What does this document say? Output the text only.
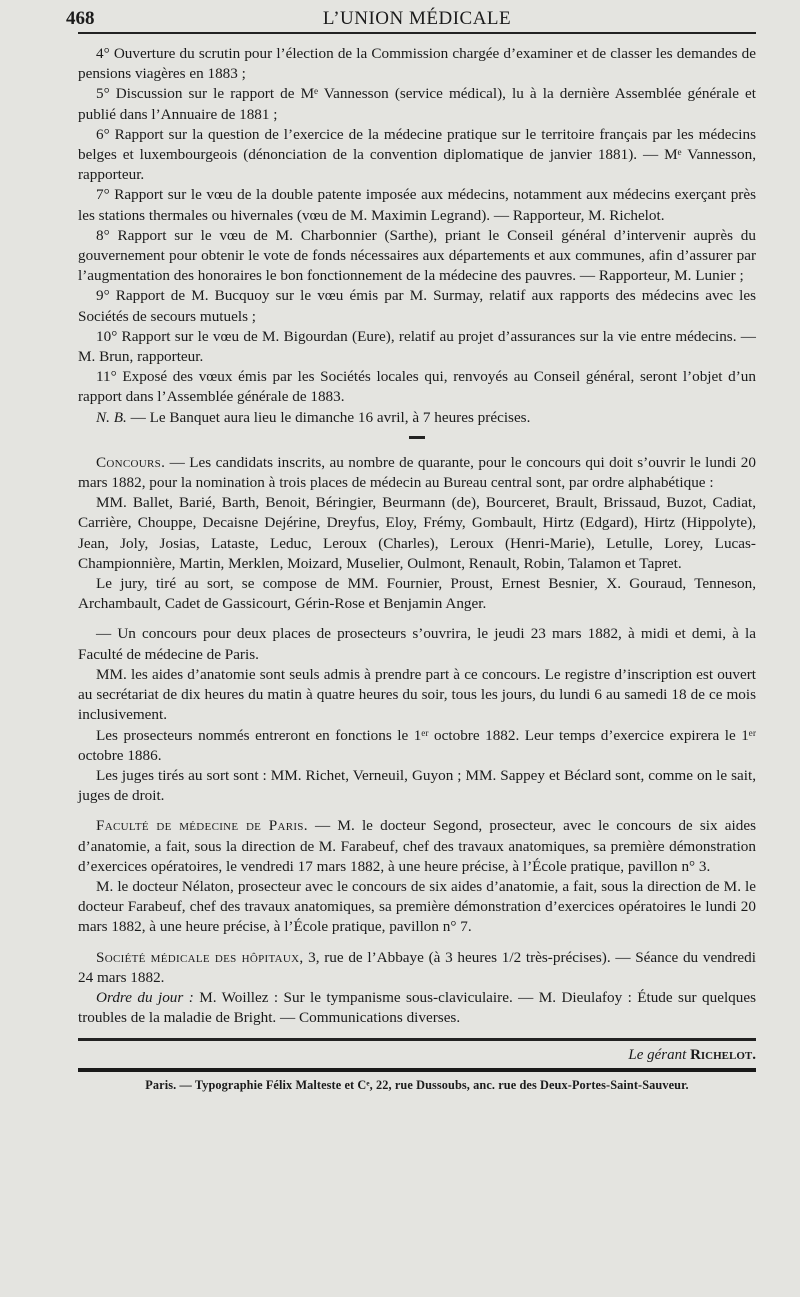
468	L’UNION MÉDICALE

4° Ouverture du scrutin pour l’élection de la Commission chargée d’examiner et de classer les demandes de pensions viagères en 1883 ;

5° Discussion sur le rapport de Mᵉ Vannesson (service médical), lu à la dernière Assemblée générale et publié dans l’Annuaire de 1881 ;

6° Rapport sur la question de l’exercice de la médecine pratique sur le territoire français par les médecins belges et luxembourgeois (dénonciation de la convention diplomatique de janvier 1881). — Mᵉ Vannesson, rapporteur.

7° Rapport sur le vœu de la double patente imposée aux médecins, notamment aux médecins exerçant près les stations thermales ou hivernales (vœu de M. Maximin Legrand). — Rapporteur, M. Richelot.

8° Rapport sur le vœu de M. Charbonnier (Sarthe), priant le Conseil général d’intervenir auprès du gouvernement pour obtenir le vote de fonds nécessaires aux départements et aux communes, afin d’assurer par l’augmentation des honoraires le bon fonctionnement de la médecine des pauvres. — Rapporteur, M. Lunier ;

9° Rapport de M. Bucquoy sur le vœu émis par M. Surmay, relatif aux rapports des médecins avec les Sociétés de secours mutuels ;

10° Rapport sur le vœu de M. Bigourdan (Eure), relatif au projet d’assurances sur la vie entre médecins. — M. Brun, rapporteur.

11° Exposé des vœux émis par les Sociétés locales qui, renvoyés au Conseil général, seront l’objet d’un rapport dans l’Assemblée générale de 1883.

N. B. — Le Banquet aura lieu le dimanche 16 avril, à 7 heures précises.

Concours. — Les candidats inscrits, au nombre de quarante, pour le concours qui doit s’ouvrir le lundi 20 mars 1882, pour la nomination à trois places de médecin au Bureau central sont, par ordre alphabétique :

MM. Ballet, Barié, Barth, Benoit, Béringier, Beurmann (de), Bourceret, Brault, Brissaud, Buzot, Cadiat, Carrière, Chouppe, Decaisne Dejérine, Dreyfus, Eloy, Frémy, Gombault, Hirtz (Edgard), Hirtz (Hippolyte), Jean, Joly, Josias, Lataste, Leduc, Leroux (Charles), Leroux (Henri-Marie), Letulle, Lorey, Lucas-Championnière, Martin, Merklen, Moizard, Muselier, Oulmont, Renault, Robin, Talamon et Tapret.

Le jury, tiré au sort, se compose de MM. Fournier, Proust, Ernest Besnier, X. Gouraud, Tenneson, Archambault, Cadet de Gassicourt, Gérin-Rose et Benjamin Anger.

— Un concours pour deux places de prosecteurs s’ouvrira, le jeudi 23 mars 1882, à midi et demi, à la Faculté de médecine de Paris.

MM. les aides d’anatomie sont seuls admis à prendre part à ce concours. Le registre d’inscription est ouvert au secrétariat de dix heures du matin à quatre heures du soir, tous les jours, du lundi 6 au samedi 18 de ce mois inclusivement.

Les prosecteurs nommés entreront en fonctions le 1ᵉʳ octobre 1882. Leur temps d’exercice expirera le 1ᵉʳ octobre 1886.

Les juges tirés au sort sont : MM. Richet, Verneuil, Guyon ; MM. Sappey et Béclard sont, comme on le sait, juges de droit.

Faculté de médecine de Paris. — M. le docteur Segond, prosecteur, avec le concours de six aides d’anatomie, a fait, sous la direction de M. Farabeuf, chef des travaux anatomiques, sa première démonstration d’exercices opératoires, le vendredi 17 mars 1882, à une heure précise, à l’École pratique, pavillon n° 3.

M. le docteur Nélaton, prosecteur avec le concours de six aides d’anatomie, a fait, sous la direction de M. le docteur Farabeuf, chef des travaux anatomiques, sa première démonstration d’exercices opératoires le lundi 20 mars 1882, à une heure précise, à l’École pratique, pavillon n° 7.

Société médicale des hôpitaux, 3, rue de l’Abbaye (à 3 heures 1/2 très-précises). — Séance du vendredi 24 mars 1882.

Ordre du jour : M. Woillez : Sur le tympanisme sous-claviculaire. — M. Dieulafoy : Étude sur quelques troubles de la maladie de Bright. — Communications diverses.

Le gérant Richelot.
Paris. — Typographie Félix Malteste et Cᵉ, 22, rue Dussoubs, anc. rue des Deux-Portes-Saint-Sauveur.
